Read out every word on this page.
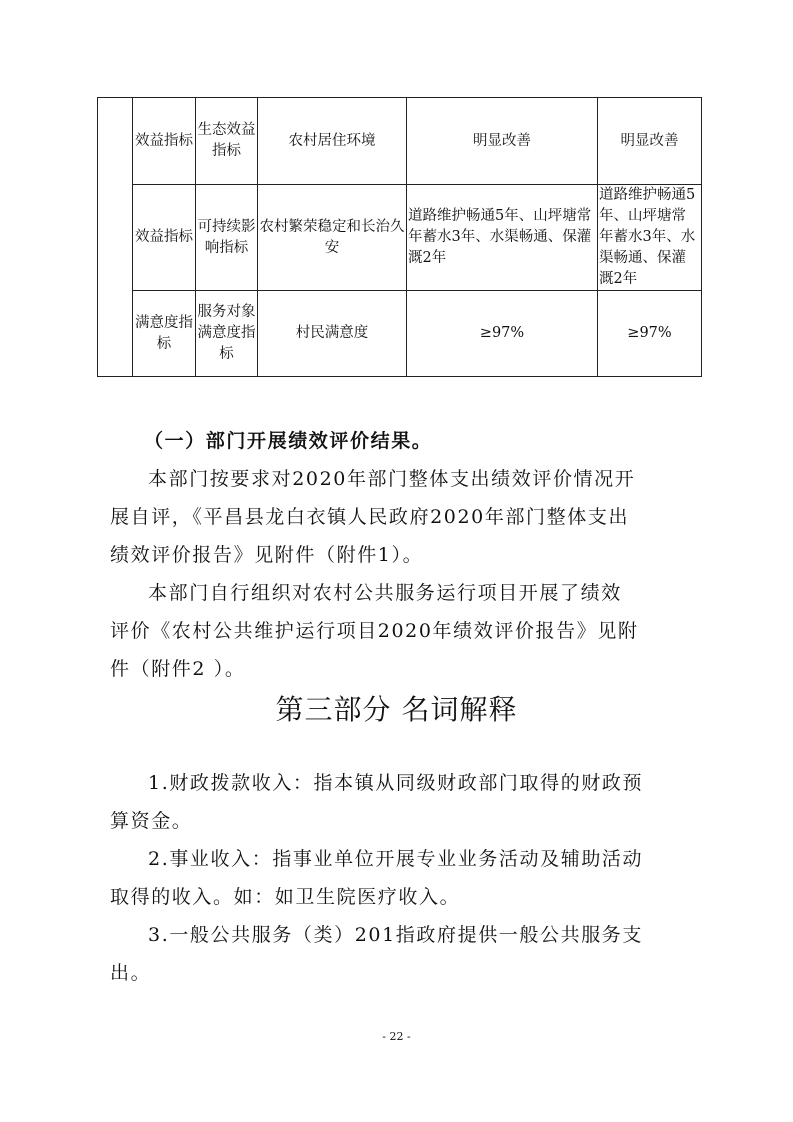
	效益指标	生态效益指标	农村居住环境	明显改善	明显改善
	效益指标	可持续影响指标	农村繁荣稳定和长治久安	道路维护畅通5年、山坪塘常年蓄水3年、水渠畅通、保灌溉2年	道路维护畅通5年、山坪塘常年蓄水3年、水渠畅通、保灌溉2年
	满意度指标	服务对象满意度指标	村民满意度	≥97%	≥97%
（一）部门开展绩效评价结果。
本部门按要求对2020年部门整体支出绩效评价情况开
展自评，《平昌县龙白衣镇人民政府2020年部门整体支出
绩效评价报告》见附件（附件1）。
本部门自行组织对农村公共服务运行项目开展了绩效
评价《农村公共维护运行项目2020年绩效评价报告》见附
件（附件2 ）。
第三部分 名词解释
1.财政拨款收入：指本镇从同级财政部门取得的财政预
算资金。
2.事业收入：指事业单位开展专业业务活动及辅助活动
取得的收入。如：如卫生院医疗收入。
3.一般公共服务（类）201指政府提供一般公共服务支
出。
- 22 -
